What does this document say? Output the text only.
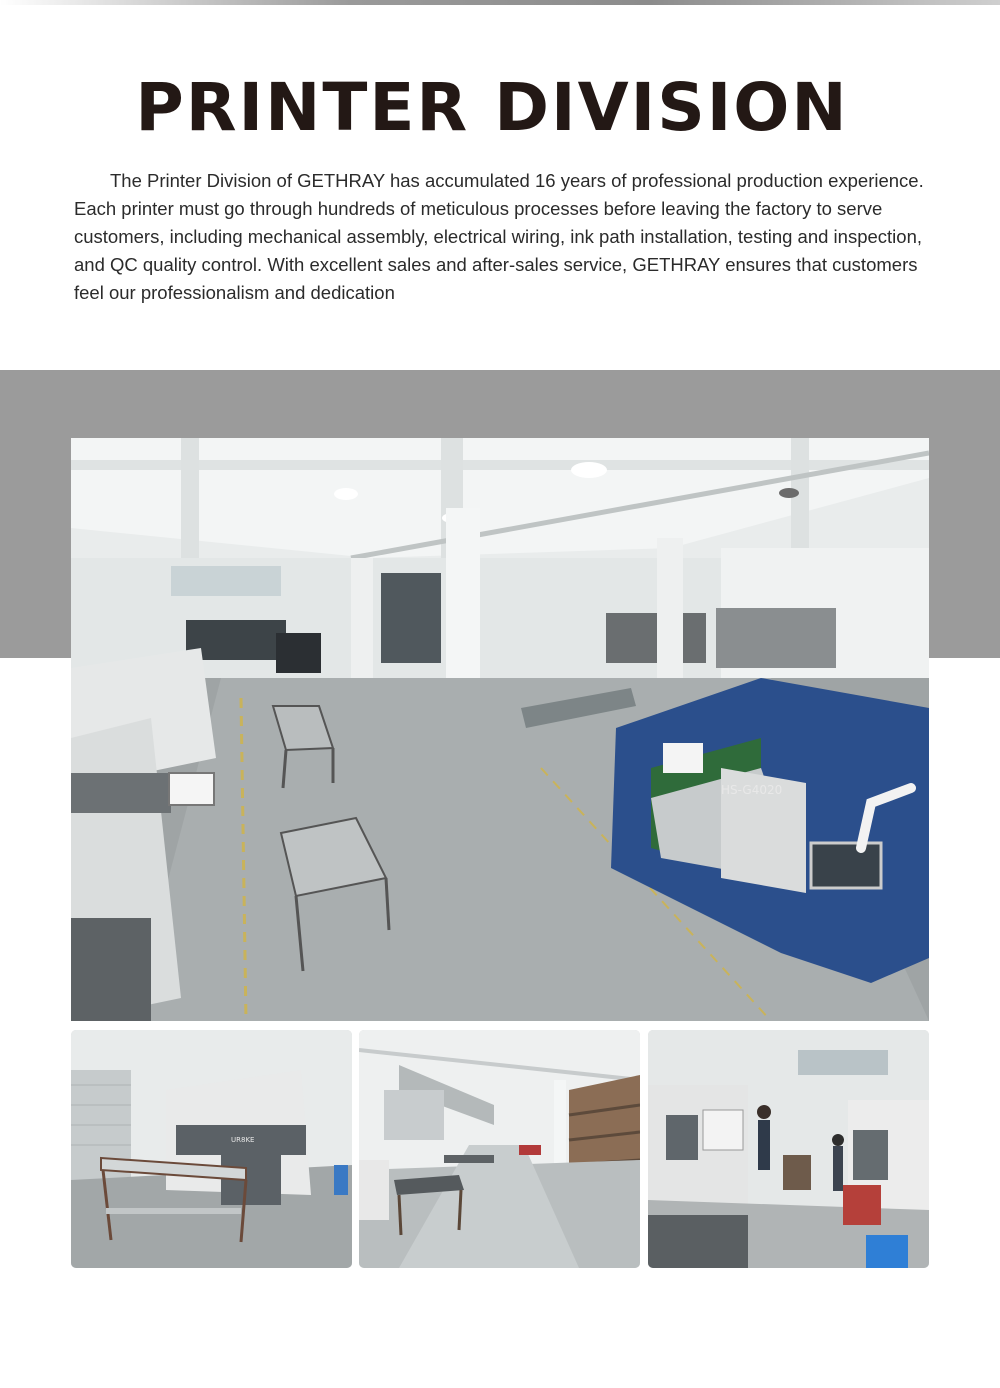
PRINTER DIVISION

The Printer Division of GETHRAY has accumulated 16 years of professional production experience. Each printer must go through hundreds of meticulous processes before leaving the factory to serve customers, including mechanical assembly, electrical wiring, ink path installation, testing and inspection, and QC quality control. With excellent sales and after-sales service, GETHRAY ensures that customers feel our professionalism and dedication

HS-G4020
UR8KE
